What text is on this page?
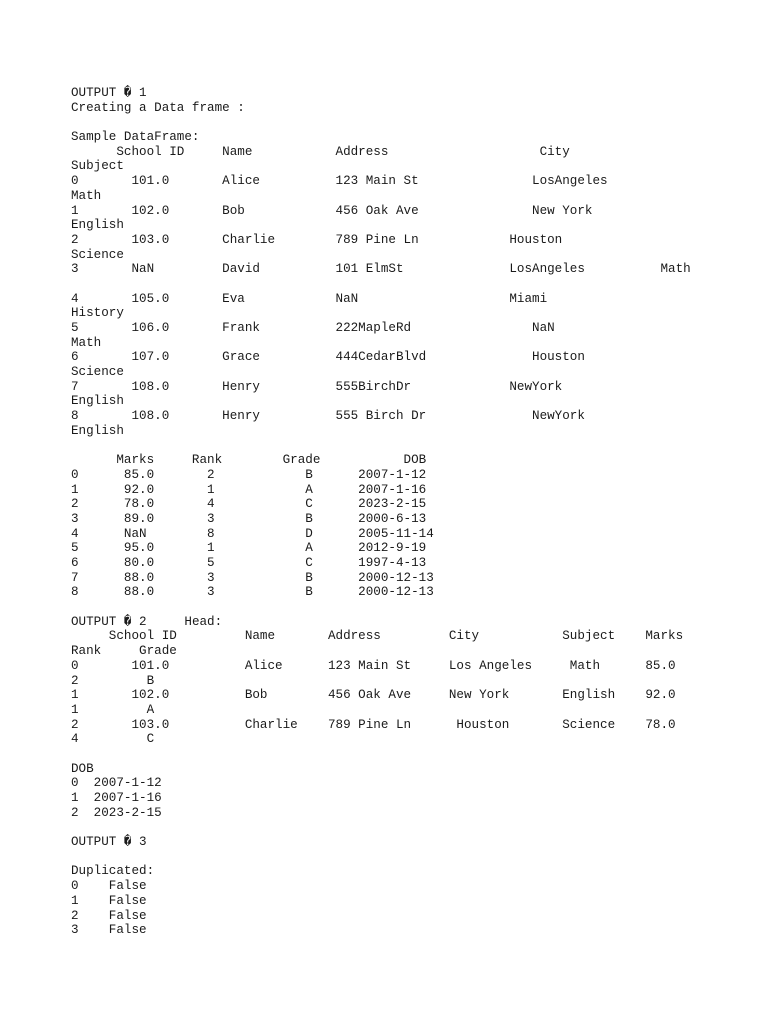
OUTPUT � 1
Creating a Data frame :
Sample DataFrame:
School ID     Name           Address                    City
Subject
0       101.0       Alice          123 Main St               LosAngeles
Math
1       102.0       Bob            456 Oak Ave               New York
English
2       103.0       Charlie        789 Pine Ln            Houston
Science
3       NaN         David          101 ElmSt              LosAngeles          Math
4       105.0       Eva            NaN                    Miami
History
5       106.0       Frank          222MapleRd                NaN
Math
6       107.0       Grace          444CedarBlvd              Houston
Science
7       108.0       Henry          555BirchDr             NewYork
English
8       108.0       Henry          555 Birch Dr              NewYork
English
Marks     Rank        Grade           DOB
0      85.0       2            B      2007-1-12
1      92.0       1            A      2007-1-16
2      78.0       4            C      2023-2-15
3      89.0       3            B      2000-6-13
4      NaN        8            D      2005-11-14
5      95.0       1            A      2012-9-19
6      80.0       5            C      1997-4-13
7      88.0       3            B      2000-12-13
8      88.0       3            B      2000-12-13
OUTPUT � 2     Head:
School ID         Name       Address         City           Subject    Marks
Rank     Grade
0       101.0          Alice      123 Main St     Los Angeles     Math      85.0
2         B
1       102.0          Bob        456 Oak Ave     New York       English    92.0
1         A
2       103.0          Charlie    789 Pine Ln      Houston       Science    78.0
4         C
DOB
0  2007-1-12
1  2007-1-16
2  2023-2-15
OUTPUT � 3
Duplicated:
0    False
1    False
2    False
3    False
